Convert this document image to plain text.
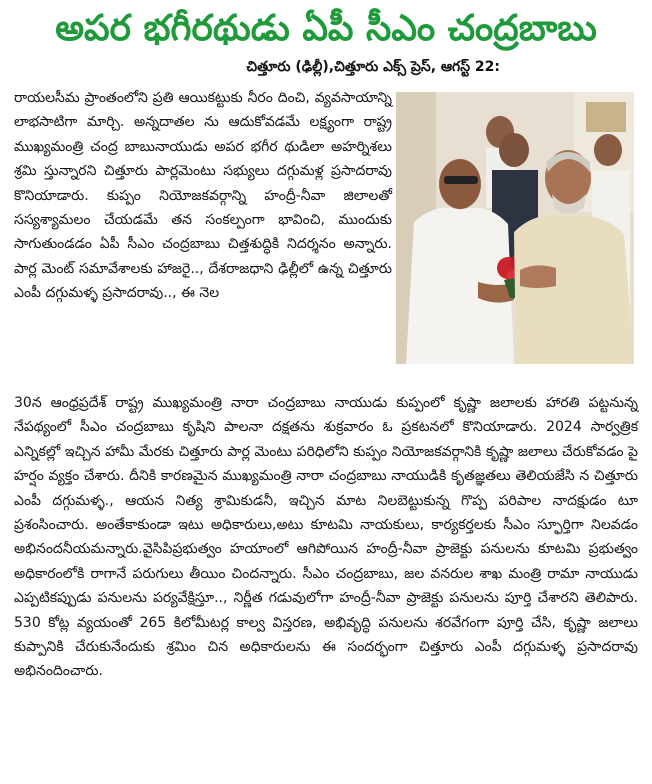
అపర భగీరథుడు ఏపీ సీఎం చంద్రబాబు
చిత్తూరు (ఢిల్లీ),చిత్తూరు ఎక్స్ ప్రెస్, ఆగస్ట్ 22:
రాయలసీమ ప్రాంతంలోని ప్రతి ఆయికట్టుకు నీరం దించి, వ్యవసాయాన్ని లాభసాటిగా మార్చి. అన్నదాతల ను ఆదుకోవడమే లక్ష్యంగా రాష్ట్ర ముఖ్యమంత్రి చంద్ర బాబునాయుడు అపర భగీర థుడిలా అహర్నిశలు శ్రమి స్తున్నారని చిత్తూరు పార్లమెంటు సభ్యులు దగ్గుమళ్ల ప్రసాదరావు కొనియాడారు. కుప్పం నియోజకవర్గాన్ని హంద్రీ-నీవా జిలాలతో సస్యశ్యామలం చేయడమే తన సంకల్పంగా భావించి, ముందుకు సాగుతుండడం ఏపీ సీఎం చంద్రబాబు చిత్తశుద్ధికి నిదర్శనం అన్నారు. పార్ల మెంట్ సమావేశాలకు హాజరై.., దేశరాజధాని ఢిల్లీలో ఉన్న చిత్తూరు ఎంపీ దగ్గుమళ్ళ ప్రసాదరావు.., ఈ నెల
30న ఆంధ్రప్రదేశ్ రాష్ట్ర ముఖ్యమంత్రి నారా చంద్రబాబు నాయుడు కుప్పంలో కృష్ణా జలాలకు హారతి పట్టనున్న నేపథ్యంలో సీఎం చంద్రబాబు కృషిని పాలనా దక్షతను శుక్రవారం ఓ ప్రకటనలో కొనియాడారు. 2024 సార్వత్రిక ఎన్నికల్లో ఇచ్చిన హామీ మేరకు చిత్తూరు పార్ల మెంటు పరిధిలోని కుప్పం నియోజకవర్గానికి కృష్ణా జలాలు చేరుకోవడం పై హర్షం వ్యక్తం చేశారు. దీనికి కారణమైన ముఖ్యమంత్రి నారా చంద్రబాబు నాయుడికి కృతజ్ఞతలు తెలియజేసి న చిత్తూరు ఎంపీ దగ్గుమళ్ళ., ఆయన నిత్య శ్రామికుడనీ, ఇచ్చిన మాట నిలబెట్టుకున్న గొప్ప పరిపాల నాదక్షుడం టూ ప్రశంసించారు. అంతేకాకుండా ఇటు అధికారులు,అటు కూటమి నాయకులు, కార్యకర్తలకు సీఎం స్ఫూర్తిగా నిలవడం అభినందనీయమన్నారు.వైసిపిప్రభుత్వం హయాంలో ఆగిపోయిన హంద్రీ-నీవా ప్రాజెక్టు పనులను కూటమి ప్రభుత్వం అధికారంలోకి రాగానే పరుగులు తీయిం చిందన్నారు. సీఎం చంద్రబాబు, జల వనరుల శాఖ మంత్రి రామా నాయుడు ఎప్పటికప్పుడు పనులను పర్యవేక్షిస్తూ.., నిర్ణీత గడువులోగా హంద్రీ-నీవా ప్రాజెక్టు పనులను పూర్తి చేశారని తెలిపారు. 530 కోట్ల వ్యయంతో 265 కిలోమీటర్ల కాల్వ విస్తరణ, అభివృద్ధి పనులను శరవేగంగా పూర్తి చేసి, కృష్ణా జలాలు కుప్పానికి చేరుకునేందుకు శ్రమిం చిన అధికారులను ఈ సందర్భంగా చిత్తూరు ఎంపీ దగ్గుమళ్ళ ప్రసాదరావు అభినందించారు.
